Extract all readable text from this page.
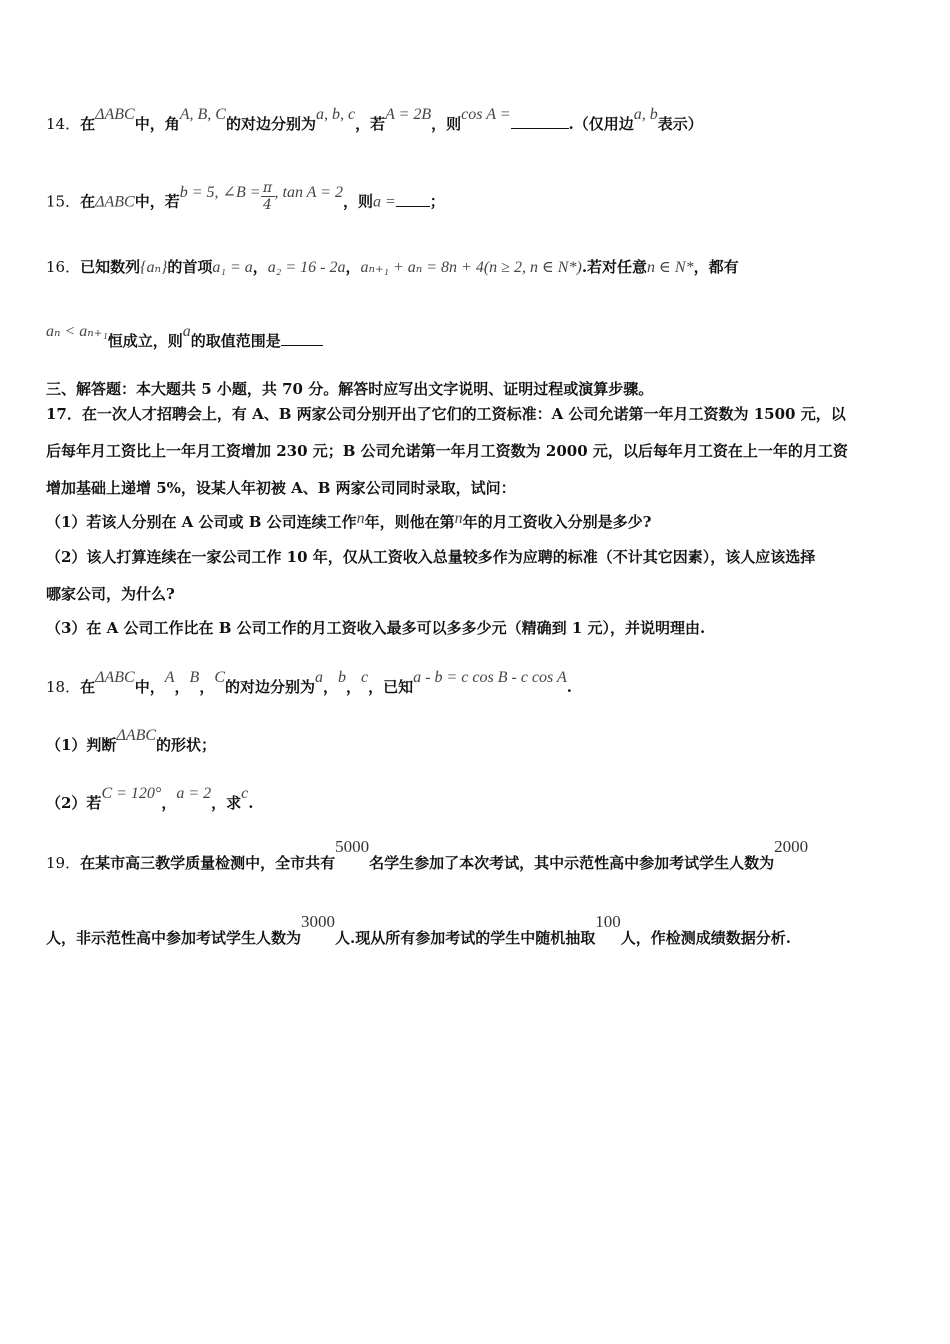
14．在ΔABC中，角A, B, C的对边分别为a, b, c，若A = 2B，则cos A =.（仅用边a, b表示）
15．在ΔABC中，若b = 5, ∠B = $\frac{\pi}{4}$ , tan A = 2，则a = ；
16．已知数列{aₙ}的首项a₁ = a，a₂ = 16 - 2a，aₙ₊₁ + aₙ = 8n + 4(n ≥ 2, n ∈ N*).若对任意n ∈ N*，都有
aₙ < aₙ₊₁恒成立，则a的取值范围是
三、解答题：本大题共 5 小题，共 70 分。解答时应写出文字说明、证明过程或演算步骤。
17．在一次人才招聘会上，有 A、B 两家公司分别开出了它们的工资标准：A 公司允诺第一年月工资数为 1500 元，以
后每年月工资比上一年月工资增加 230 元；B 公司允诺第一年月工资数为 2000 元，以后每年月工资在上一年的月工资
增加基础上递增 5%，设某人年初被 A、B 两家公司同时录取，试问：
（1）若该人分别在 A 公司或 B 公司连续工作n年，则他在第n年的月工资收入分别是多少?
（2）该人打算连续在一家公司工作 10 年，仅从工资收入总量较多作为应聘的标准（不计其它因素），该人应该选择
哪家公司，为什么?
（3）在 A 公司工作比在 B 公司工作的月工资收入最多可以多多少元（精确到 1 元），并说明理由.
18．在ΔABC中，A，B，C的对边分别为a，b，c，已知a - b = c cos B - c cos A.
（1）判断ΔABC的形状；
（2）若C = 120°，a = 2，求c.
19．在某市高三教学质量检测中，全市共有5000名学生参加了本次考试，其中示范性高中参加考试学生人数为2000
人，非示范性高中参加考试学生人数为3000人.现从所有参加考试的学生中随机抽取100人，作检测成绩数据分析.
